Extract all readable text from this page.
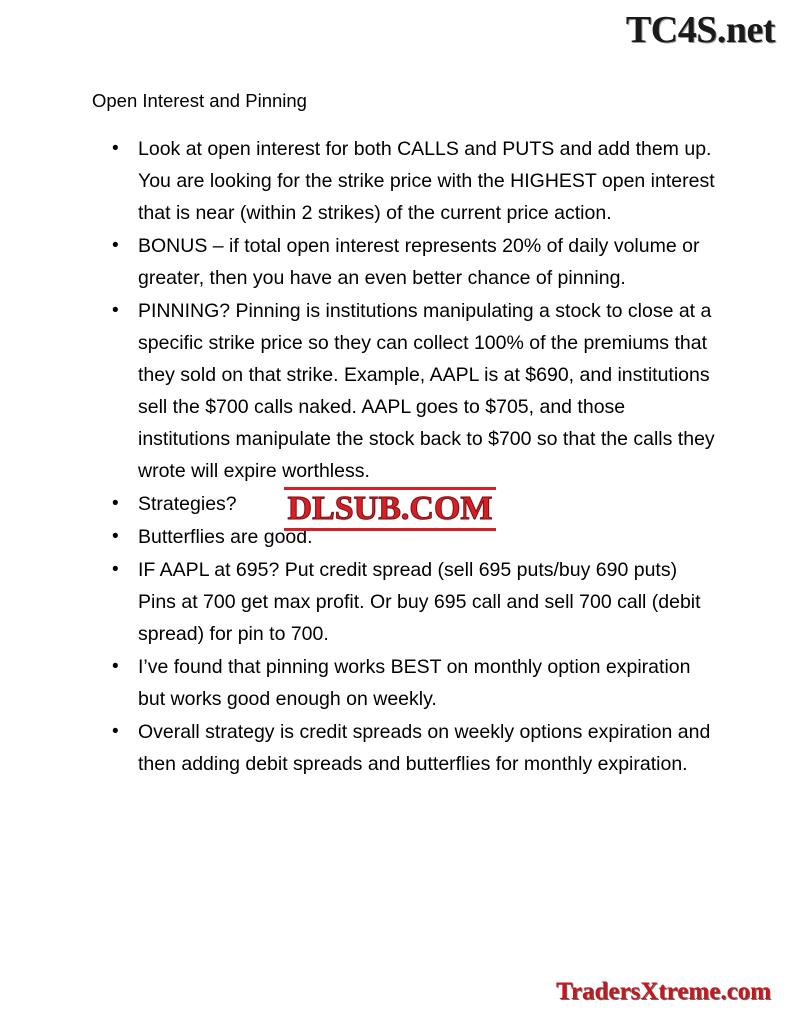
TC4S.net

Open Interest and Pinning

• Look at open interest for both CALLS and PUTS and add them up. You are looking for the strike price with the HIGHEST open interest that is near (within 2 strikes) of the current price action.
• BONUS – if total open interest represents 20% of daily volume or greater, then you have an even better chance of pinning.
• PINNING? Pinning is institutions manipulating a stock to close at a specific strike price so they can collect 100% of the premiums that they sold on that strike. Example, AAPL is at $690, and institutions sell the $700 calls naked. AAPL goes to $705, and those institutions manipulate the stock back to $700 so that the calls they wrote will expire worthless.
• Strategies?
• Butterflies are good.
• IF AAPL at 695? Put credit spread (sell 695 puts/buy 690 puts) Pins at 700 get max profit. Or buy 695 call and sell 700 call (debit spread) for pin to 700.
• I’ve found that pinning works BEST on monthly option expiration but works good enough on weekly.
• Overall strategy is credit spreads on weekly options expiration and then adding debit spreads and butterflies for monthly expiration.
DLSUB.COM
TradersXtreme.com
